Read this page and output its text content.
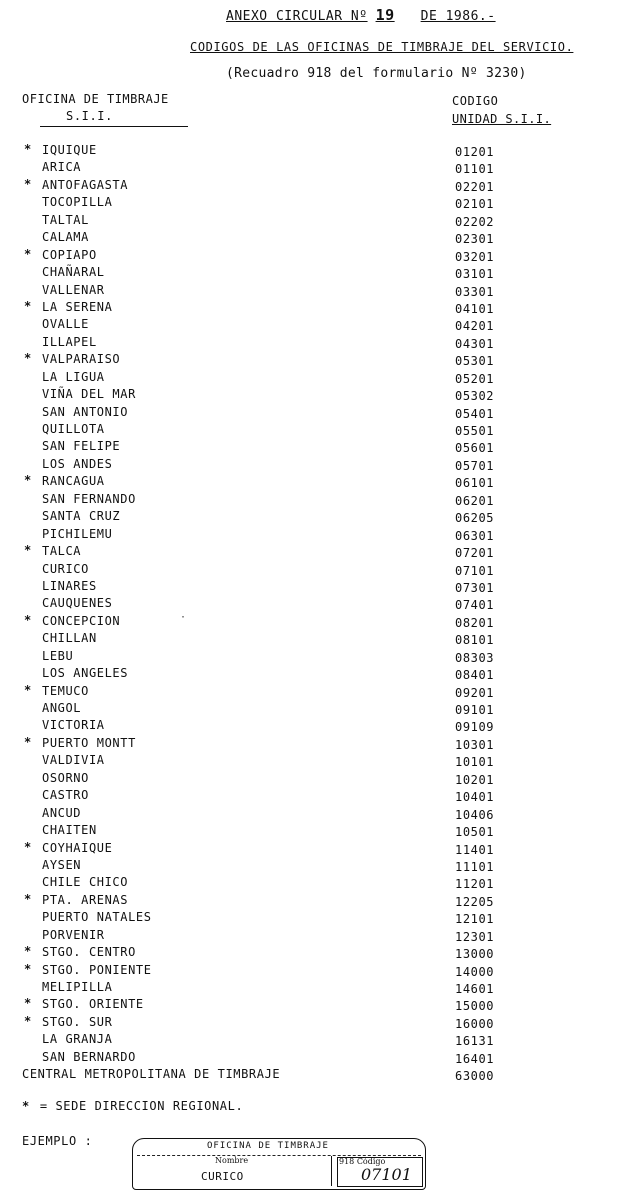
ANEXO CIRCULAR Nº 19 DE 1986.-
CODIGOS DE LAS OFICINAS DE TIMBRAJE DEL SERVICIO.
(Recuadro 918 del formulario Nº 3230)
OFICINA DE TIMBRAJE
S.I.I.
CODIGO
UNIDAD S.I.I.
* IQUIQUE	01201
ARICA	01101
* ANTOFAGASTA	02201
TOCOPILLA	02101
TALTAL	02202
CALAMA	02301
* COPIAPO	03201
CHAÑARAL	03101
VALLENAR	03301
* LA SERENA	04101
OVALLE	04201
ILLAPEL	04301
* VALPARAISO	05301
LA LIGUA	05201
VIÑA DEL MAR	05302
SAN ANTONIO	05401
QUILLOTA	05501
SAN FELIPE	05601
LOS ANDES	05701
* RANCAGUA	06101
SAN FERNANDO	06201
SANTA CRUZ	06205
PICHILEMU	06301
* TALCA	07201
CURICO	07101
LINARES	07301
CAUQUENES	07401
* CONCEPCION	08201
CHILLAN	08101
LEBU	08303
LOS ANGELES	08401
* TEMUCO	09201
ANGOL	09101
VICTORIA	09109
* PUERTO MONTT	10301
VALDIVIA	10101
OSORNO	10201
CASTRO	10401
ANCUD	10406
CHAITEN	10501
* COYHAIQUE	11401
AYSEN	11101
CHILE CHICO	11201
* PTA. ARENAS	12205
PUERTO NATALES	12101
PORVENIR	12301
* STGO. CENTRO	13000
* STGO. PONIENTE	14000
MELIPILLA	14601
* STGO. ORIENTE	15000
* STGO. SUR	16000
LA GRANJA	16131
SAN BERNARDO	16401
CENTRAL METROPOLITANA DE TIMBRAJE	63000
·
* = SEDE DIRECCION REGIONAL.
EJEMPLO :	OFICINA DE TIMBRAJE
Nombre
CURICO
918 Código
07101
